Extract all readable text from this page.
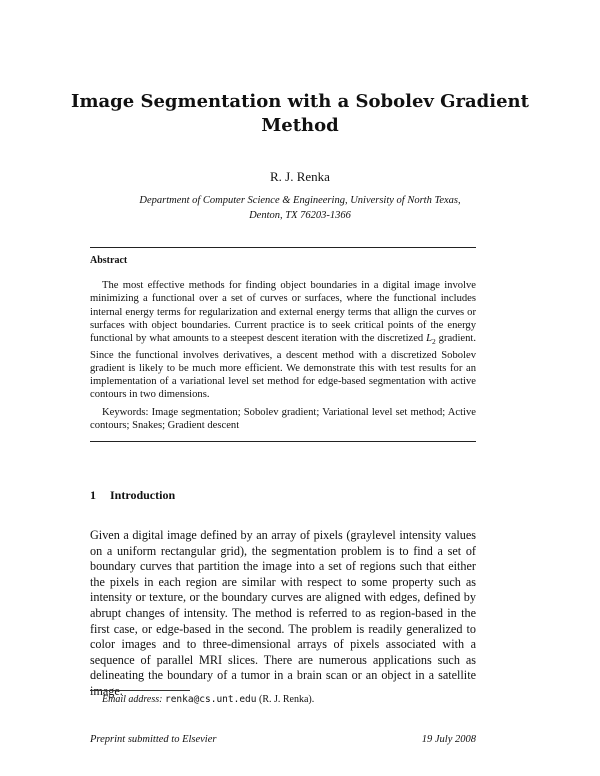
Image Segmentation with a Sobolev Gradient Method
R. J. Renka
Department of Computer Science & Engineering, University of North Texas,
Denton, TX 76203-1366
Abstract
The most effective methods for finding object boundaries in a digital image involve minimizing a functional over a set of curves or surfaces, where the functional includes internal energy terms for regularization and external energy terms that allign the curves or surfaces with object boundaries. Current practice is to seek critical points of the energy functional by what amounts to a steepest descent iteration with the discretized $L_2$ gradient. Since the functional involves derivatives, a descent method with a discretized Sobolev gradient is likely to be much more efficient. We demonstrate this with test results for an implementation of a variational level set method for edge-based segmentation with active contours in two dimensions.
Keywords: Image segmentation; Sobolev gradient; Variational level set method; Active contours; Snakes; Gradient descent
1 Introduction
Given a digital image defined by an array of pixels (graylevel intensity values on a uniform rectangular grid), the segmentation problem is to find a set of boundary curves that partition the image into a set of regions such that either the pixels in each region are similar with respect to some property such as intensity or texture, or the boundary curves are aligned with edges, defined by abrupt changes of intensity. The method is referred to as region-based in the first case, or edge-based in the second. The problem is readily generalized to color images and to three-dimensional arrays of pixels associated with a sequence of parallel MRI slices. There are numerous applications such as delineating the boundary of a tumor in a brain scan or an object in a satellite image.
Email address: renka@cs.unt.edu (R. J. Renka).
Preprint submitted to Elsevier	19 July 2008
